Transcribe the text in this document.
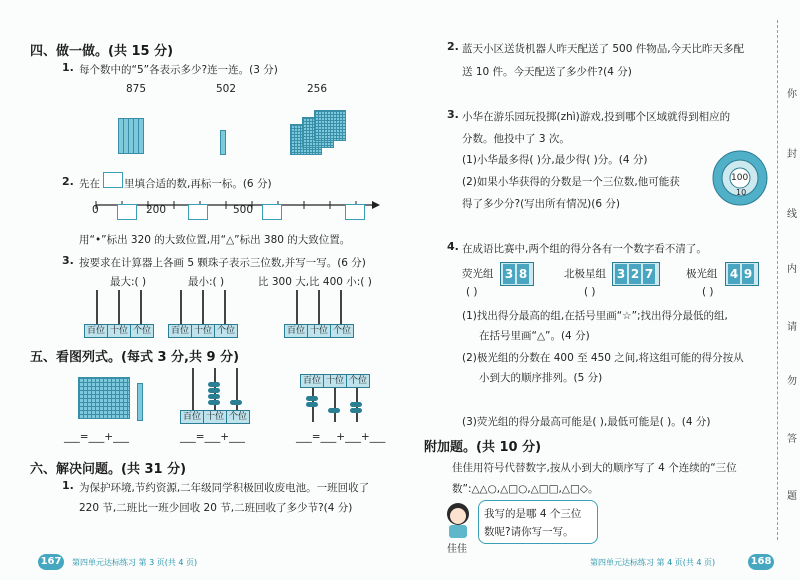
四、做一做。(共 15 分)
1. 每个数中的“5”各表示多少?连一连。(3 分)
875	502	256
2. 先在 里填合适的数,再标一标。(6 分)
0	200	500
用“•”标出 320 的大致位置,用“△”标出 380 的大致位置。
3. 按要求在计算器上各画 5 颗珠子表示三位数,并写一写。(6 分)
最大:( )	最小:( )	比 300 大,比 400 小:( )
百位 十位 个位	百位 十位 个位	百位 十位 个位
五、看图列式。(每式 3 分,共 9 分)
百位 十位 个位
百位 十位 个位
___=___+___	___=___+___	___=___+___+___
六、解决问题。(共 31 分)
1. 为保护环境,节约资源,二年级同学积极回收废电池。一班回收了
220 节,二班比一班少回收 20 节,二班回收了多少节?(4 分)
167	第四单元达标练习 第 3 页(共 4 页)
2. 蓝天小区送货机器人昨天配送了 500 件物品,今天比昨天多配
送 10 件。今天配送了多少件?(4 分)
3. 小华在游乐园玩投掷(zhì)游戏,投到哪个区域就得到相应的
分数。他投中了 3 次。
(1)小华最多得( )分,最少得( )分。(4 分)
(2)如果小华获得的分数是一个三位数,他可能获
得了多少分?(写出所有情况)(6 分)
100
10
4. 在成语比赛中,两个组的得分各有一个数字看不清了。
荧光组 3 8	北极星组 3 2 7	极光组 4 9
( )	( )	( )
(1)找出得分最高的组,在括号里画“☆”;找出得分最低的组,
在括号里画“△”。(4 分)
(2)极光组的分数在 400 至 450 之间,将这组可能的得分按从
小到大的顺序排列。(5 分)
(3)荧光组的得分最高可能是( ),最低可能是( )。(4 分)
附加题。(共 10 分)
佳佳用符号代替数字,按从小到大的顺序写了 4 个连续的“三位
数”:△△○,△□○,△□□,△□◇。
佳佳
我写的是哪 4 个三位
数呢?请你写一写。
第四单元达标练习 第 4 页(共 4 页)	168
你
封
线
内
请
勿
答
题
